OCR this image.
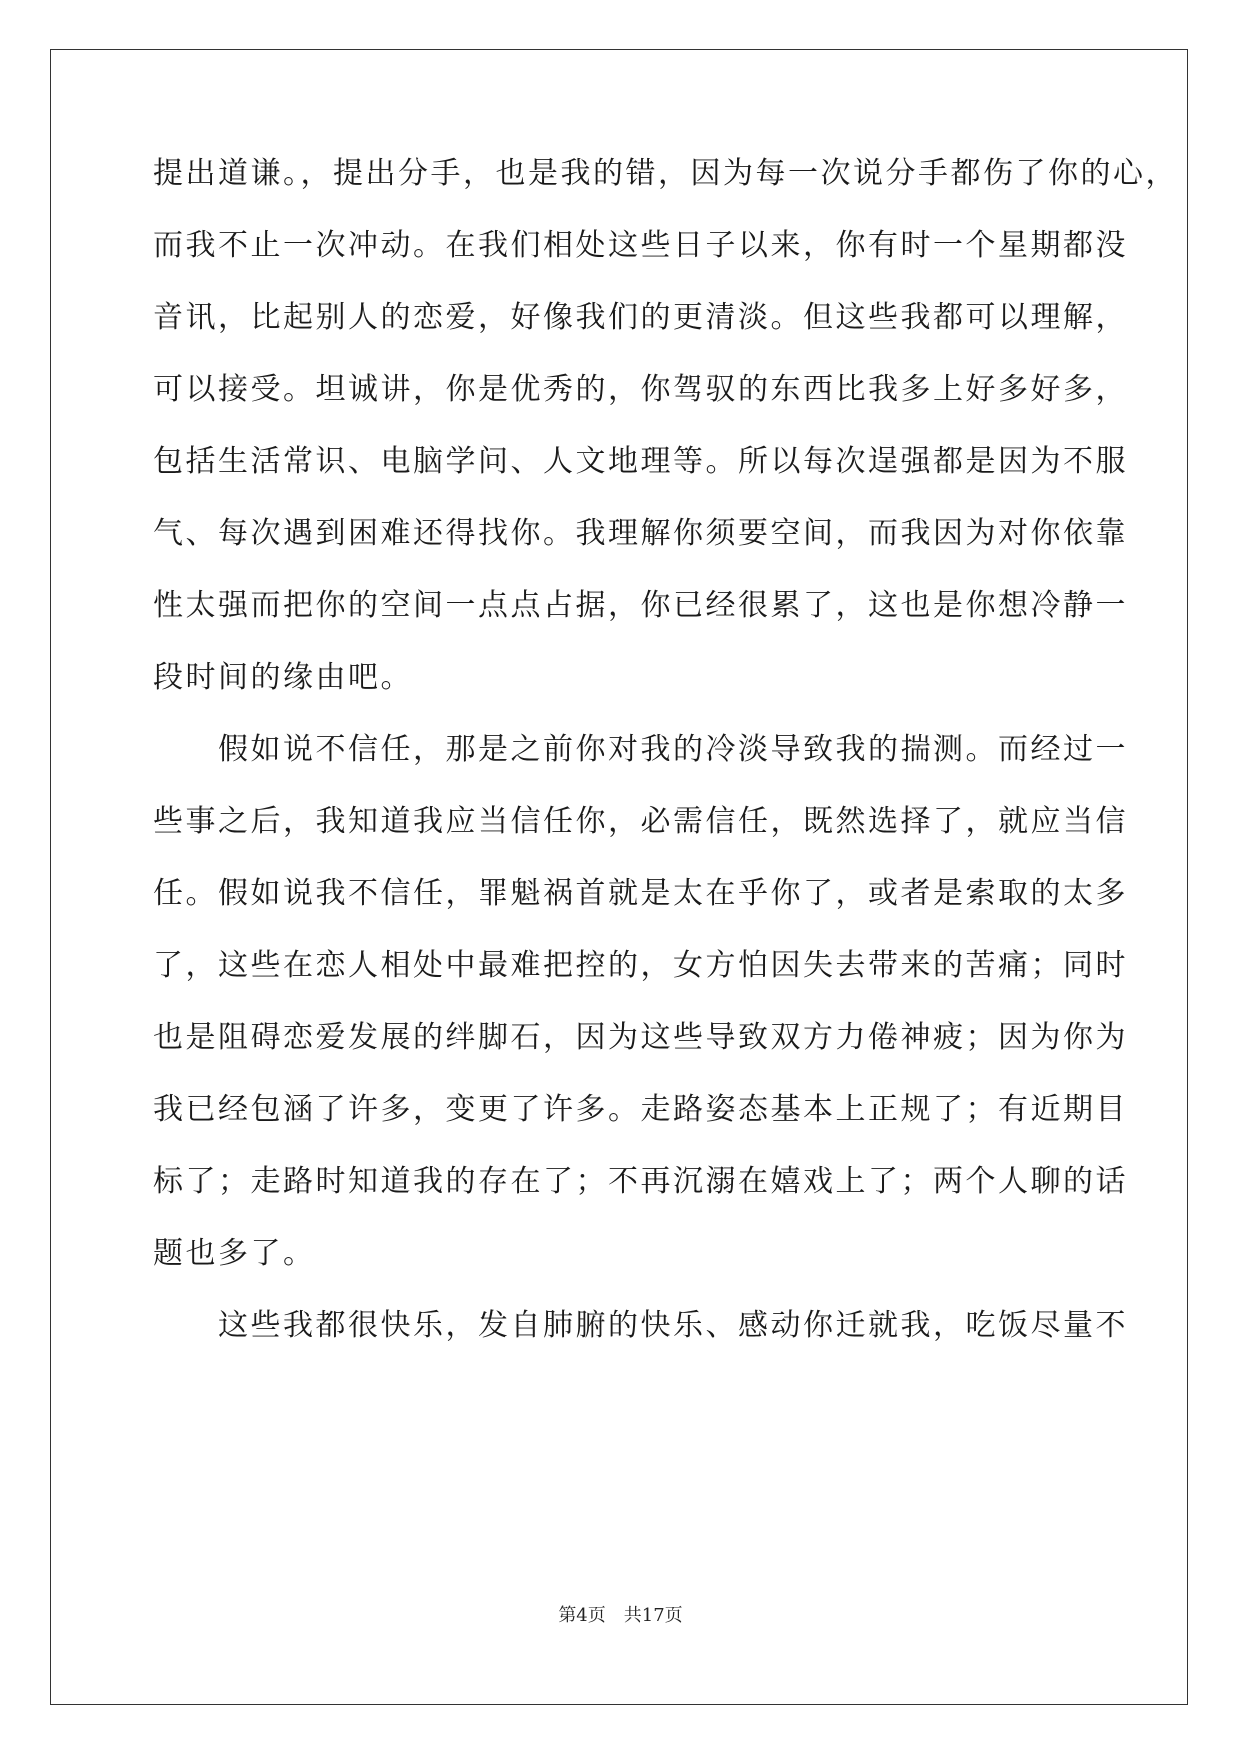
提出道谦。，提出分手，也是我的错，因为每一次说分手都伤了你的心，
而我不止一次冲动。在我们相处这些日子以来，你有时一个星期都没
音讯，比起别人的恋爱，好像我们的更清淡。但这些我都可以理解，
可以接受。坦诚讲，你是优秀的，你驾驭的东西比我多上好多好多，
包括生活常识、电脑学问、人文地理等。所以每次逞强都是因为不服
气、每次遇到困难还得找你。我理解你须要空间，而我因为对你依靠
性太强而把你的空间一点点占据，你已经很累了，这也是你想冷静一
段时间的缘由吧。
　　假如说不信任，那是之前你对我的冷淡导致我的揣测。而经过一
些事之后，我知道我应当信任你，必需信任，既然选择了，就应当信
任。假如说我不信任，罪魁祸首就是太在乎你了，或者是索取的太多
了，这些在恋人相处中最难把控的，女方怕因失去带来的苦痛；同时
也是阻碍恋爱发展的绊脚石，因为这些导致双方力倦神疲；因为你为
我已经包涵了许多，变更了许多。走路姿态基本上正规了；有近期目
标了；走路时知道我的存在了；不再沉溺在嬉戏上了；两个人聊的话
题也多了。
　　这些我都很快乐，发自肺腑的快乐、感动你迁就我，吃饭尽量不
第4页　共17页
